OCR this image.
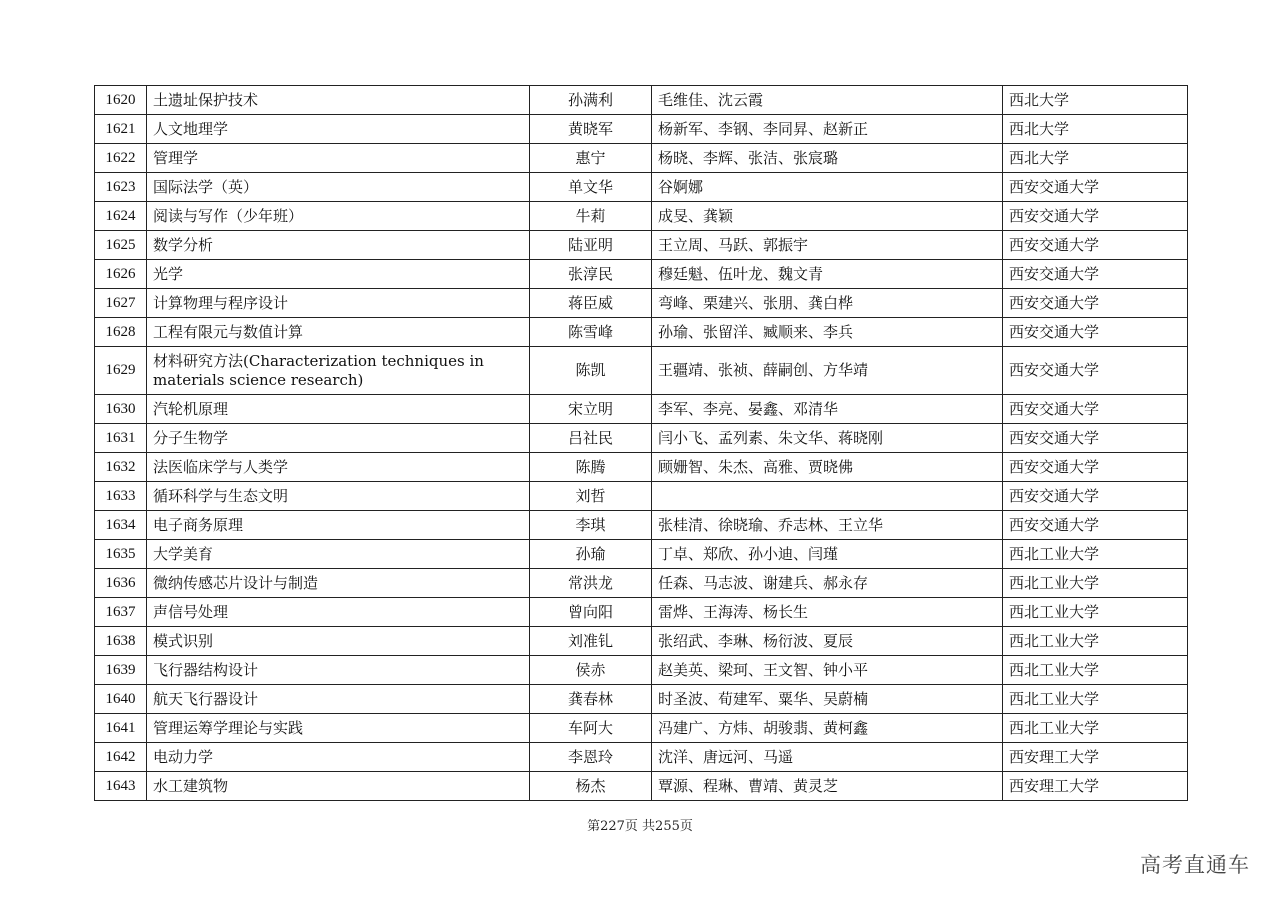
1620	土遗址保护技术	孙满利	毛维佳、沈云霞	西北大学
1621	人文地理学	黄晓军	杨新军、李钢、李同昇、赵新正	西北大学
1622	管理学	惠宁	杨晓、李辉、张洁、张宸璐	西北大学
1623	国际法学（英）	单文华	谷婀娜	西安交通大学
1624	阅读与写作（少年班）	牛莉	成旻、龚颖	西安交通大学
1625	数学分析	陆亚明	王立周、马跃、郭振宇	西安交通大学
1626	光学	张淳民	穆廷魁、伍叶龙、魏文青	西安交通大学
1627	计算物理与程序设计	蒋臣威	弯峰、栗建兴、张朋、龚白桦	西安交通大学
1628	工程有限元与数值计算	陈雪峰	孙瑜、张留洋、臧顺来、李兵	西安交通大学
1629	材料研究方法(Characterization techniques in materials science research)	陈凯	王疆靖、张祯、薛嗣创、方华靖	西安交通大学
1630	汽轮机原理	宋立明	李军、李亮、晏鑫、邓清华	西安交通大学
1631	分子生物学	吕社民	闫小飞、孟列素、朱文华、蒋晓刚	西安交通大学
1632	法医临床学与人类学	陈腾	顾姗智、朱杰、高雅、贾晓佛	西安交通大学
1633	循环科学与生态文明	刘哲		西安交通大学
1634	电子商务原理	李琪	张桂清、徐晓瑜、乔志林、王立华	西安交通大学
1635	大学美育	孙瑜	丁卓、郑欣、孙小迪、闫瑾	西北工业大学
1636	微纳传感芯片设计与制造	常洪龙	任森、马志波、谢建兵、郝永存	西北工业大学
1637	声信号处理	曾向阳	雷烨、王海涛、杨长生	西北工业大学
1638	模式识别	刘准钆	张绍武、李琳、杨衍波、夏辰	西北工业大学
1639	飞行器结构设计	侯赤	赵美英、梁珂、王文智、钟小平	西北工业大学
1640	航天飞行器设计	龚春林	时圣波、荀建军、粟华、吴蔚楠	西北工业大学
1641	管理运筹学理论与实践	车阿大	冯建广、方炜、胡骏翡、黄柯鑫	西北工业大学
1642	电动力学	李恩玲	沈洋、唐远河、马遥	西安理工大学
1643	水工建筑物	杨杰	覃源、程琳、曹靖、黄灵芝	西安理工大学
第227页 共255页
高考直通车
